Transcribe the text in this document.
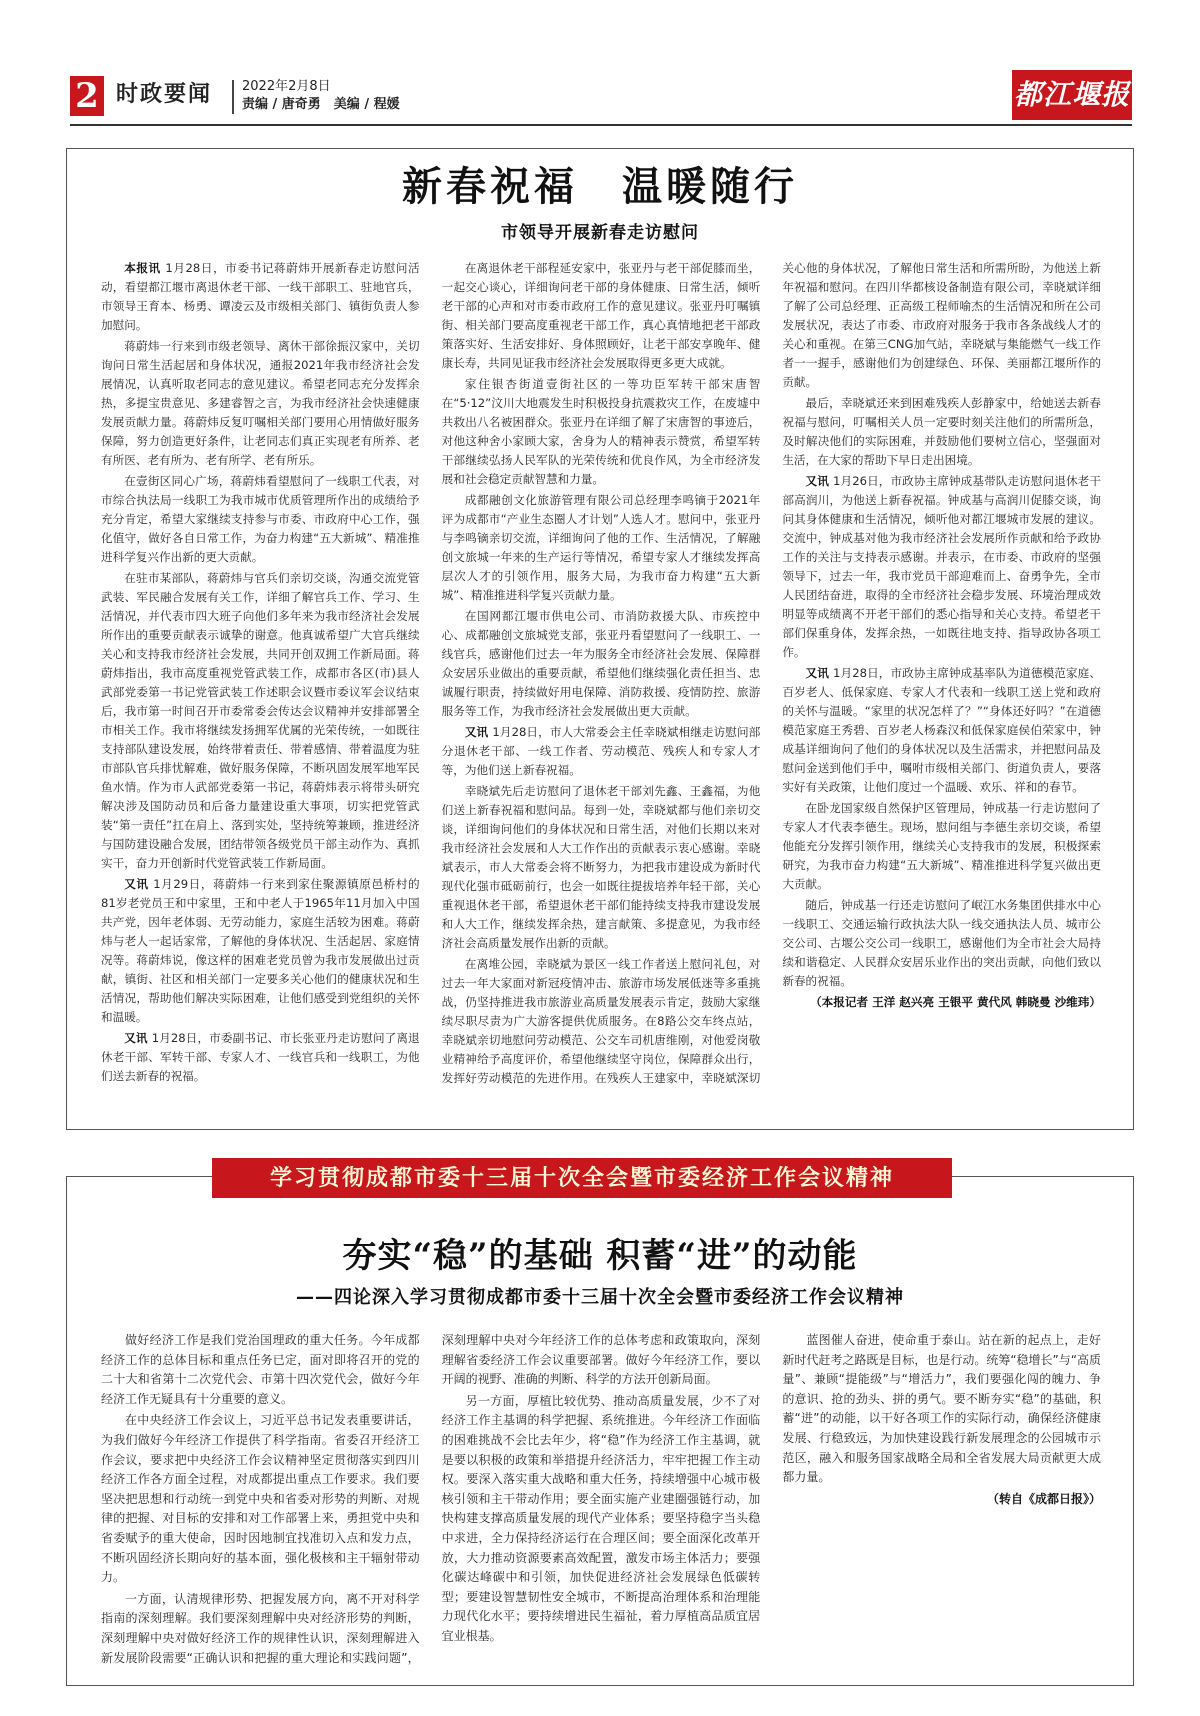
2 时政要闻 2022年2月8日
责编 / 唐奇勇　美编 / 程媛	都江堰报
新春祝福　温暖随行
市领导开展新春走访慰问

本报讯 1月28日，市委书记蒋蔚炜开展新春走访慰问活动，看望都江堰市离退休老干部、一线干部职工、驻地官兵，市领导王育本、杨勇、谭凌云及市级相关部门、镇街负责人参加慰问。

蒋蔚炜一行来到市级老领导、离休干部徐振汉家中，关切询问日常生活起居和身体状况，通报2021年我市经济社会发展情况，认真听取老同志的意见建议。希望老同志充分发挥余热，多提宝贵意见、多建睿智之言，为我市经济社会快速健康发展贡献力量。蒋蔚炜反复叮嘱相关部门要用心用情做好服务保障，努力创造更好条件，让老同志们真正实现老有所养、老有所医、老有所为、老有所学、老有所乐。

在壹街区同心广场，蒋蔚炜看望慰问了一线职工代表，对市综合执法局一线职工为我市城市优质管理所作出的成绩给予充分肯定，希望大家继续支持参与市委、市政府中心工作，强化值守，做好各自日常工作，为奋力构建“五大新城”、精准推进科学复兴作出新的更大贡献。

在驻市某部队，蒋蔚炜与官兵们亲切交谈，沟通交流党管武装、军民融合发展有关工作，详细了解官兵工作、学习、生活情况，并代表市四大班子向他们多年来为我市经济社会发展所作出的重要贡献表示诚挚的谢意。他真诚希望广大官兵继续关心和支持我市经济社会发展，共同开创双拥工作新局面。蒋蔚炜指出，我市高度重视党管武装工作，成都市各区(市)县人武部党委第一书记党管武装工作述职会议暨市委议军会议结束后，我市第一时间召开市委常委会传达会议精神并安排部署全市相关工作。我市将继续发扬拥军优属的光荣传统，一如既往支持部队建设发展，始终带着责任、带着感情、带着温度为驻市部队官兵排忧解难，做好服务保障，不断巩固发展军地军民鱼水情。作为市人武部党委第一书记，蒋蔚炜表示将带头研究解决涉及国防动员和后备力量建设重大事项，切实把党管武装“第一责任”扛在肩上、落到实处，坚持统筹兼顾，推进经济与国防建设融合发展，团结带领各级党员干部主动作为、真抓实干，奋力开创新时代党管武装工作新局面。

又讯 1月29日，蒋蔚炜一行来到家住聚源镇原邑桥村的81岁老党员王和中家里，王和中老人于1965年11月加入中国共产党，因年老体弱、无劳动能力，家庭生活较为困难。蒋蔚炜与老人一起话家常，了解他的身体状况、生活起居、家庭情况等。蒋蔚炜说，像这样的困难老党员曾为我市发展做出过贡献，镇街、社区和相关部门一定要多关心他们的健康状况和生活情况，帮助他们解决实际困难，让他们感受到党组织的关怀和温暖。

又讯 1月28日，市委副书记、市长张亚丹走访慰问了离退休老干部、军转干部、专家人才、一线官兵和一线职工，为他们送去新春的祝福。

在离退休老干部程延安家中，张亚丹与老干部促膝而坐，一起交心谈心，详细询问老干部的身体健康、日常生活，倾听老干部的心声和对市委市政府工作的意见建议。张亚丹叮嘱镇街、相关部门要高度重视老干部工作，真心真情地把老干部政策落实好、生活安排好、身体照顾好，让老干部安享晚年、健康长寿，共同见证我市经济社会发展取得更多更大成就。

家住银杏街道壹街社区的一等功臣军转干部宋唐智在“5·12”汶川大地震发生时积极投身抗震救灾工作，在废墟中共救出八名被困群众。张亚丹在详细了解了宋唐智的事迹后，对他这种舍小家顾大家，舍身为人的精神表示赞赏，希望军转干部继续弘扬人民军队的光荣传统和优良作风，为全市经济发展和社会稳定贡献智慧和力量。

成都融创文化旅游管理有限公司总经理李鸣镝于2021年评为成都市“产业生态圈人才计划”人选人才。慰问中，张亚丹与李鸣镝亲切交流，详细询问了他的工作、生活情况，了解融创文旅城一年来的生产运行等情况，希望专家人才继续发挥高层次人才的引领作用，服务大局，为我市奋力构建“五大新城”、精准推进科学复兴贡献力量。

在国网都江堰市供电公司、市消防救援大队、市疾控中心、成都融创文旅城党支部，张亚丹看望慰问了一线职工、一线官兵，感谢他们过去一年为服务全市经济社会发展、保障群众安居乐业做出的重要贡献，希望他们继续强化责任担当、忠诚履行职责，持续做好用电保障、消防救援、疫情防控、旅游服务等工作，为我市经济社会发展做出更大贡献。

又讯 1月28日，市人大常委会主任幸晓斌相继走访慰问部分退休老干部、一线工作者、劳动模范、残疾人和专家人才等，为他们送上新春祝福。

幸晓斌先后走访慰问了退休老干部刘先鑫、王鑫福，为他们送上新春祝福和慰问品。每到一处，幸晓斌都与他们亲切交谈，详细询问他们的身体状况和日常生活，对他们长期以来对我市经济社会发展和人大工作作出的贡献表示衷心感谢。幸晓斌表示，市人大常委会将不断努力，为把我市建设成为新时代现代化强市砥砺前行，也会一如既往提拔培养年轻干部，关心重视退休老干部，希望退休老干部们能持续支持我市建设发展和人大工作，继续发挥余热，建言献策、多提意见，为我市经济社会高质量发展作出新的贡献。

在离堆公园，幸晓斌为景区一线工作者送上慰问礼包，对过去一年大家面对新冠疫情冲击、旅游市场发展低迷等多重挑战，仍坚持推进我市旅游业高质量发展表示肯定，鼓励大家继续尽职尽责为广大游客提供优质服务。在8路公交车终点站，幸晓斌亲切地慰问劳动模范、公交车司机唐维刚，对他爱岗敬业精神给予高度评价，希望他继续坚守岗位，保障群众出行，发挥好劳动模范的先进作用。在残疾人王建家中，幸晓斌深切关心他的身体状况，了解他日常生活和所需所盼，为他送上新年祝福和慰问。在四川华都核设备制造有限公司，幸晓斌详细了解了公司总经理、正高级工程师喻杰的生活情况和所在公司发展状况，表达了市委、市政府对服务于我市各条战线人才的关心和重视。在第三CNG加气站，幸晓斌与集能燃气一线工作者一一握手，感谢他们为创建绿色、环保、美丽都江堰所作的贡献。

最后，幸晓斌还来到困难残疾人彭静家中，给她送去新春祝福与慰问，叮嘱相关人员一定要时刻关注他们的所需所急，及时解决他们的实际困难，并鼓励他们要树立信心，坚强面对生活，在大家的帮助下早日走出困境。

又讯 1月26日，市政协主席钟成基带队走访慰问退休老干部高润川，为他送上新春祝福。钟成基与高润川促膝交谈，询问其身体健康和生活情况，倾听他对都江堰城市发展的建议。交流中，钟成基对他为我市经济社会发展所作贡献和给予政协工作的关注与支持表示感谢。并表示，在市委、市政府的坚强领导下，过去一年，我市党员干部迎难而上、奋勇争先，全市人民团结奋进，取得的全市经济社会稳步发展、环境治理成效明显等成绩离不开老干部们的悉心指导和关心支持。希望老干部们保重身体，发挥余热，一如既往地支持、指导政协各项工作。

又讯 1月28日，市政协主席钟成基率队为道德模范家庭、百岁老人、低保家庭、专家人才代表和一线职工送上党和政府的关怀与温暖。“家里的状况怎样了？”“身体还好吗？”在道德模范家庭王秀碧、百岁老人杨森汉和低保家庭侯伯荣家中，钟成基详细询问了他们的身体状况以及生活需求，并把慰问品及慰问金送到他们手中，嘱咐市级相关部门、街道负责人，要落实好有关政策，让他们度过一个温暖、欢乐、祥和的春节。

在卧龙国家级自然保护区管理局，钟成基一行走访慰问了专家人才代表李德生。现场，慰问组与李德生亲切交谈，希望他能充分发挥引领作用，继续关心支持我市的发展，积极探索研究，为我市奋力构建“五大新城”、精准推进科学复兴做出更大贡献。

随后，钟成基一行还走访慰问了岷江水务集团供排水中心一线职工、交通运输行政执法大队一线交通执法人员、城市公交公司、古堰公交公司一线职工，感谢他们为全市社会大局持续和谐稳定、人民群众安居乐业作出的突出贡献，向他们致以新春的祝福。

（本报记者 王洋 赵兴亮 王银平 黄代风 韩晓曼 沙维玮）

学习贯彻成都市委十三届十次全会暨市委经济工作会议精神
夯实“稳”的基础 积蓄“进”的动能
——四论深入学习贯彻成都市委十三届十次全会暨市委经济工作会议精神

做好经济工作是我们党治国理政的重大任务。今年成都经济工作的总体目标和重点任务已定，面对即将召开的党的二十大和省第十二次党代会、市第十四次党代会，做好今年经济工作无疑具有十分重要的意义。

在中央经济工作会议上，习近平总书记发表重要讲话，为我们做好今年经济工作提供了科学指南。省委召开经济工作会议，要求把中央经济工作会议精神坚定贯彻落实到四川经济工作各方面全过程，对成都提出重点工作要求。我们要坚决把思想和行动统一到党中央和省委对形势的判断、对规律的把握、对目标的安排和对工作部署上来，勇担党中央和省委赋予的重大使命，因时因地制宜找准切入点和发力点，不断巩固经济长期向好的基本面，强化极核和主干辐射带动力。

一方面，认清规律形势、把握发展方向，离不开对科学指南的深刻理解。我们要深刻理解中央对经济形势的判断，深刻理解中央对做好经济工作的规律性认识，深刻理解进入新发展阶段需要“正确认识和把握的重大理论和实践问题”，深刻理解中央对今年经济工作的总体考虑和政策取向，深刻理解省委经济工作会议重要部署。做好今年经济工作，要以开阔的视野、准确的判断、科学的方法开创新局面。

另一方面，厚植比较优势、推动高质量发展，少不了对经济工作主基调的科学把握、系统推进。今年经济工作面临的困难挑战不会比去年少，将“稳”作为经济工作主基调，就是要以积极的政策和举措提升经济活力，牢牢把握工作主动权。要深入落实重大战略和重大任务，持续增强中心城市极核引领和主干带动作用；要全面实施产业建圈强链行动，加快构建支撑高质量发展的现代产业体系；要坚持稳字当头稳中求进，全力保持经济运行在合理区间；要全面深化改革开放，大力推动资源要素高效配置，激发市场主体活力；要强化碳达峰碳中和引领，加快促进经济社会发展绿色低碳转型；要建设智慧韧性安全城市，不断提高治理体系和治理能力现代化水平；要持续增进民生福祉，着力厚植高品质宜居宜业根基。

蓝图催人奋进，使命重于泰山。站在新的起点上，走好新时代赶考之路既是目标，也是行动。统筹“稳增长”与“高质量”、兼顾“提能级”与“增活力”，我们要强化闯的魄力、争的意识、抢的劲头、拼的勇气。要不断夯实“稳”的基础，积蓄“进”的动能，以干好各项工作的实际行动，确保经济健康发展、行稳致远，为加快建设践行新发展理念的公园城市示范区，融入和服务国家战略全局和全省发展大局贡献更大成都力量。

（转自《成都日报》）
